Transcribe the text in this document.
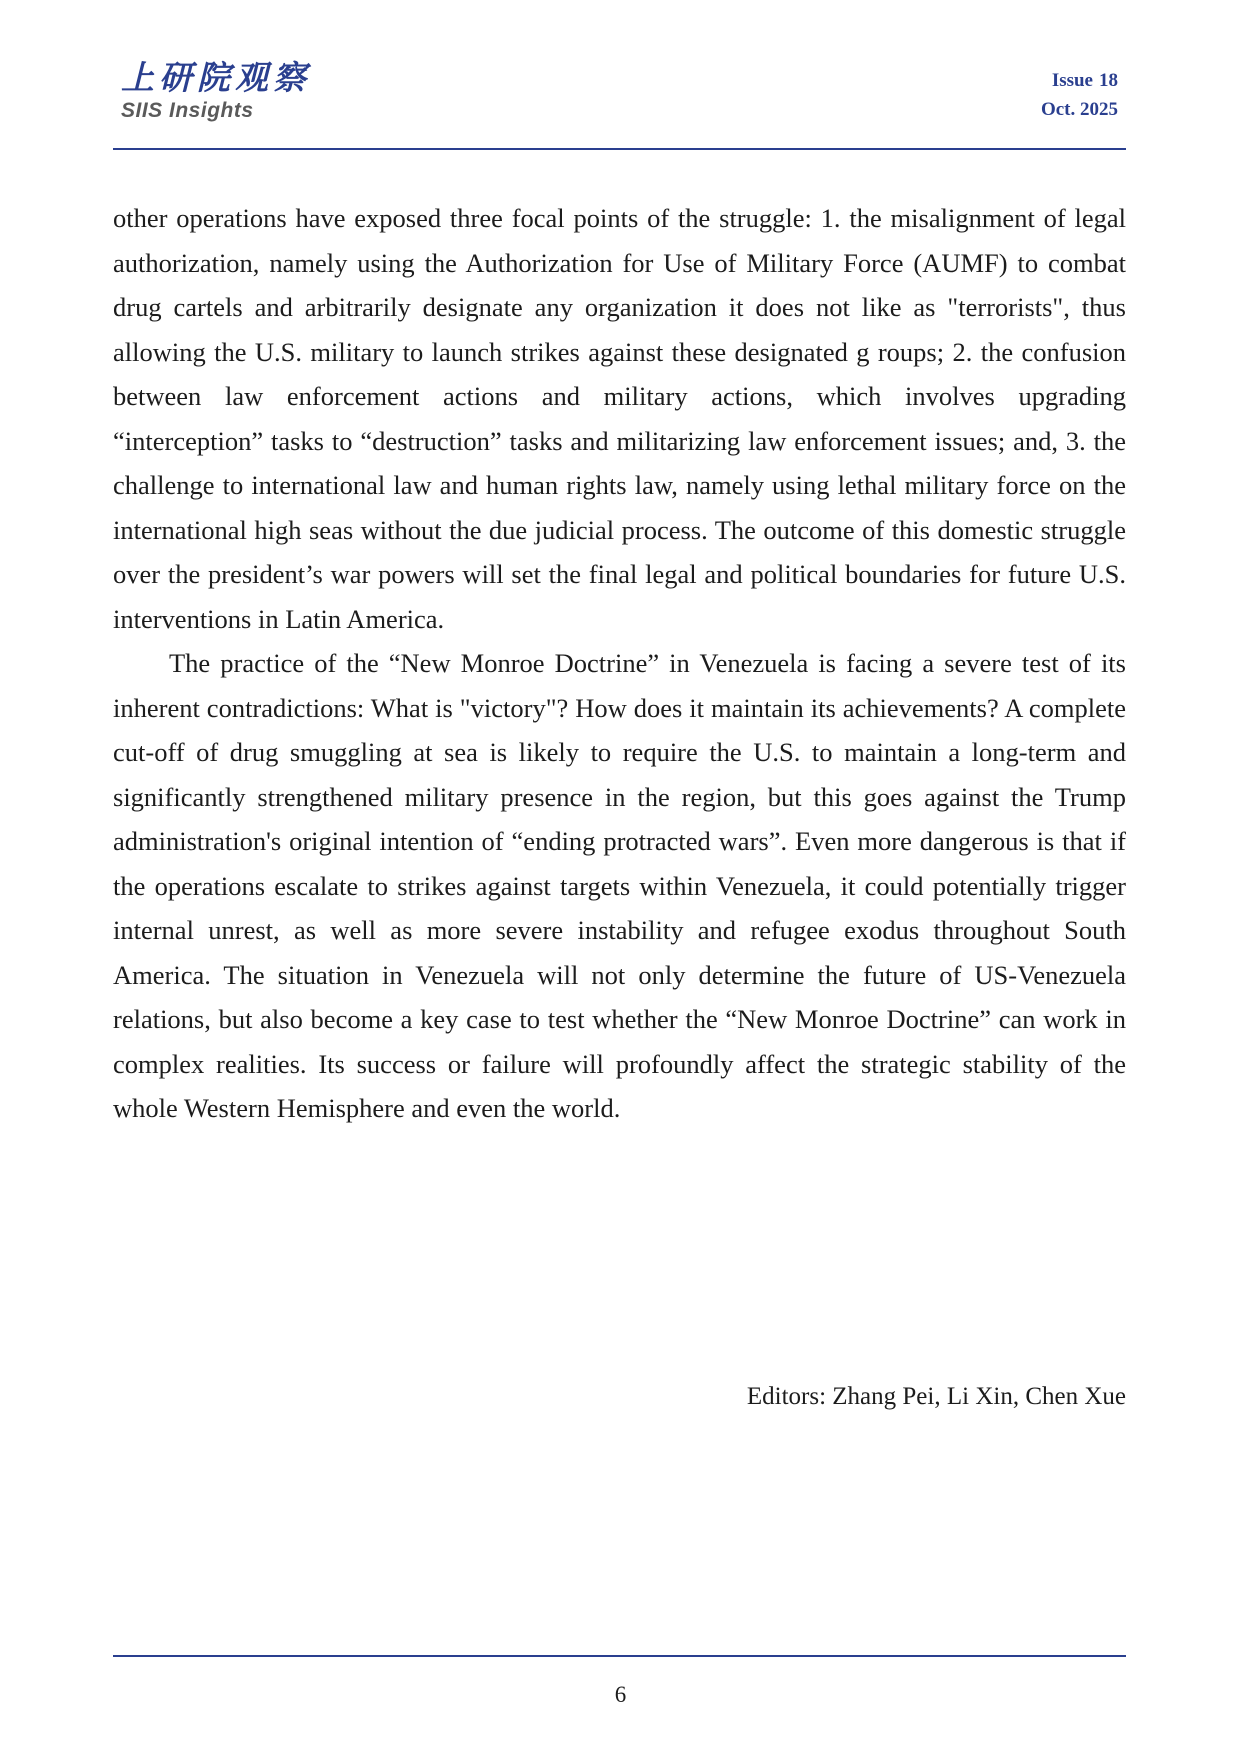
上研院观察
SIIS Insights
Issue 18
Oct. 2025

other operations have exposed three focal points of the struggle: 1. the misalignment of legal authorization, namely using the Authorization for Use of Military Force (AUMF) to combat drug cartels and arbitrarily designate any organization it does not like as "terrorists", thus allowing the U.S. military to launch strikes against these designated g roups; 2. the confusion between law enforcement actions and military actions, which involves upgrading “interception” tasks to “destruction” tasks and militarizing law enforcement issues; and, 3. the challenge to international law and human rights law, namely using lethal military force on the international high seas without the due judicial process. The outcome of this domestic struggle over the president’s war powers will set the final legal and political boundaries for future U.S. interventions in Latin America.

The practice of the “New Monroe Doctrine” in Venezuela is facing a severe test of its inherent contradictions: What is "victory"? How does it maintain its achievements? A complete cut-off of drug smuggling at sea is likely to require the U.S. to maintain a long-term and significantly strengthened military presence in the region, but this goes against the Trump administration's original intention of “ending protracted wars”. Even more dangerous is that if the operations escalate to strikes against targets within Venezuela, it could potentially trigger internal unrest, as well as more severe instability and refugee exodus throughout South America. The situation in Venezuela will not only determine the future of US-Venezuela relations, but also become a key case to test whether the “New Monroe Doctrine” can work in complex realities. Its success or failure will profoundly affect the strategic stability of the whole Western Hemisphere and even the world.

Editors: Zhang Pei, Li Xin, Chen Xue
6
